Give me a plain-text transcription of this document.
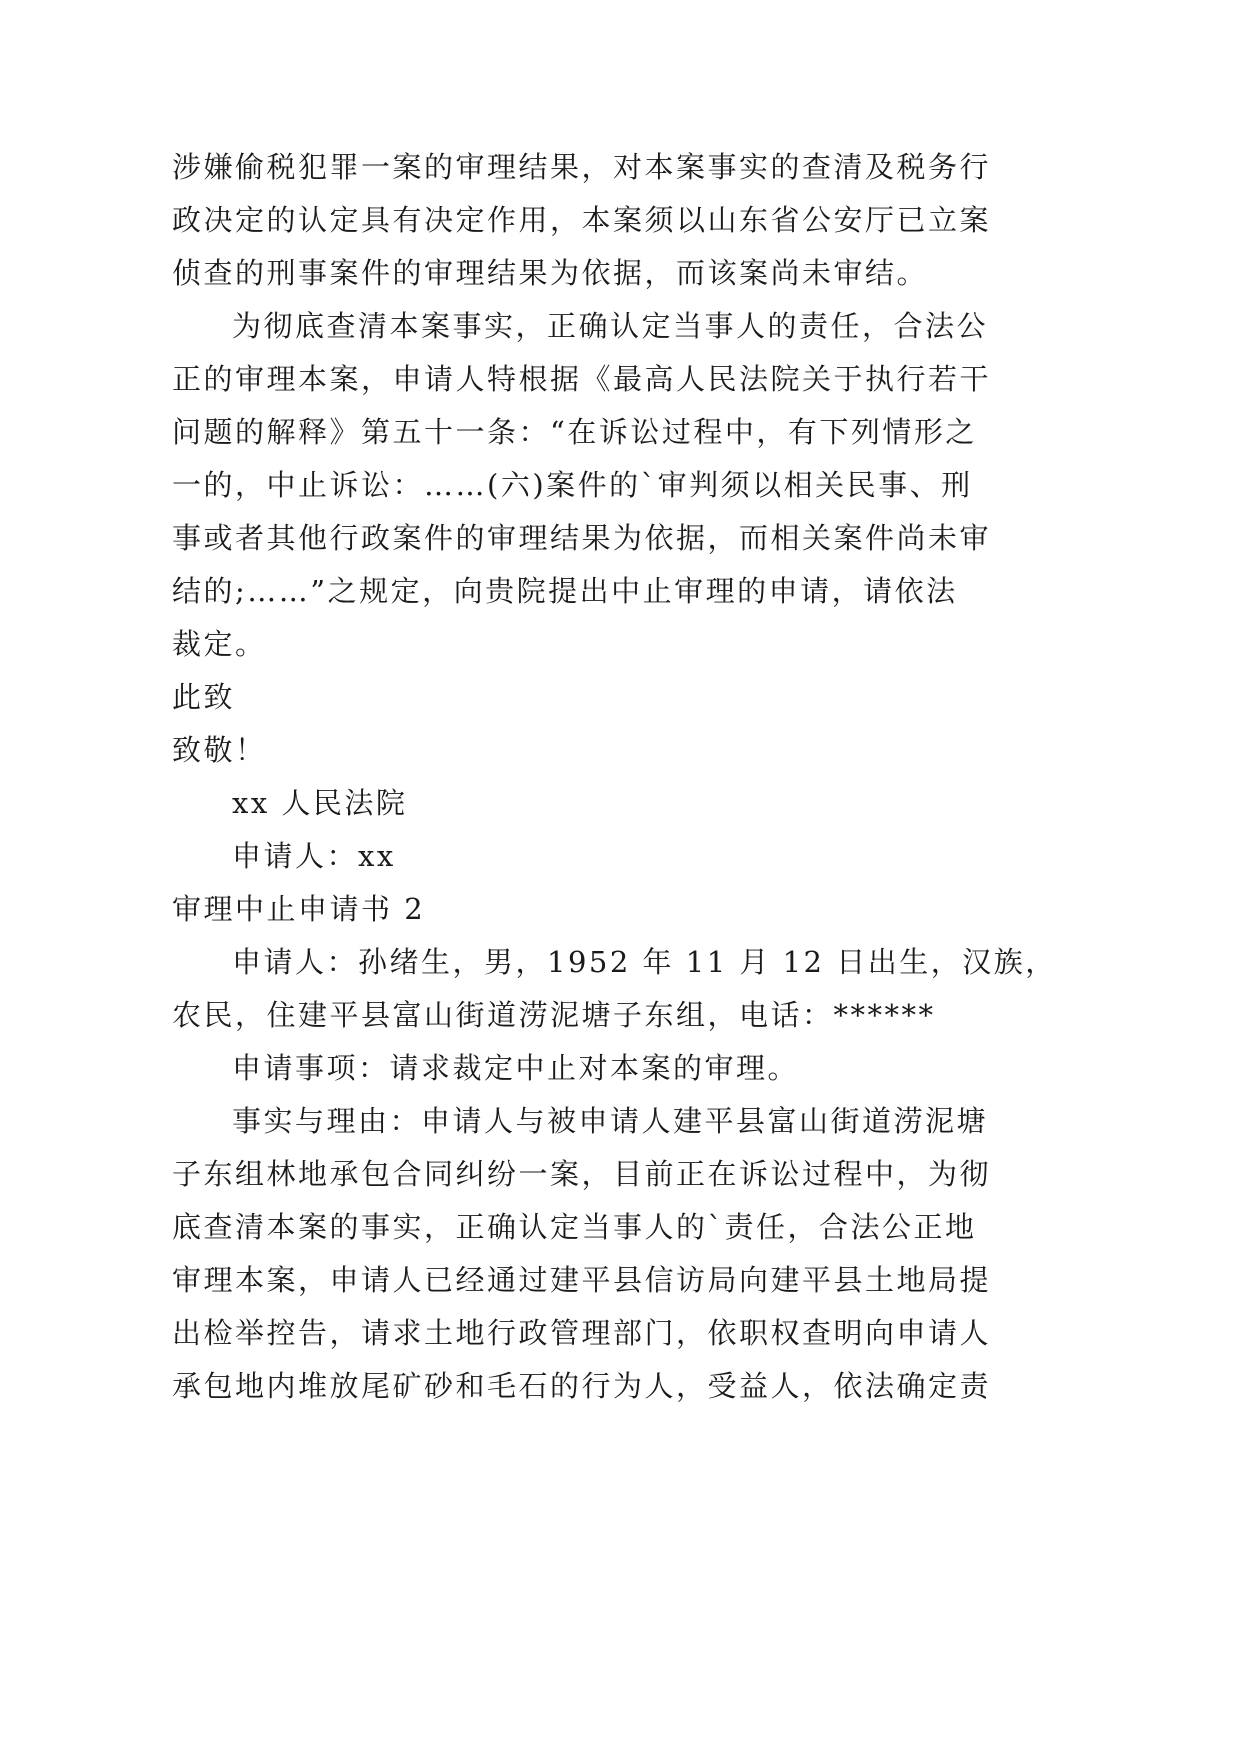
涉嫌偷税犯罪一案的审理结果，对本案事实的查清及税务行
政决定的认定具有决定作用，本案须以山东省公安厅已立案
侦查的刑事案件的审理结果为依据，而该案尚未审结。
为彻底查清本案事实，正确认定当事人的责任，合法公
正的审理本案，申请人特根据《最高人民法院关于执行若干
问题的解释》第五十一条：“在诉讼过程中，有下列情形之
一的，中止诉讼：……(六)案件的`审判须以相关民事、刑
事或者其他行政案件的审理结果为依据，而相关案件尚未审
结的;……”之规定，向贵院提出中止审理的申请，请依法
裁定。
此致
致敬！
xx 人民法院
申请人：xx
审理中止申请书 2
申请人：孙绪生，男，1952 年 11 月 12 日出生，汉族，
农民，住建平县富山街道涝泥塘子东组，电话：******
申请事项：请求裁定中止对本案的审理。
事实与理由：申请人与被申请人建平县富山街道涝泥塘
子东组林地承包合同纠纷一案，目前正在诉讼过程中，为彻
底查清本案的事实，正确认定当事人的`责任，合法公正地
审理本案，申请人已经通过建平县信访局向建平县土地局提
出检举控告，请求土地行政管理部门，依职权查明向申请人
承包地内堆放尾矿砂和毛石的行为人，受益人，依法确定责
